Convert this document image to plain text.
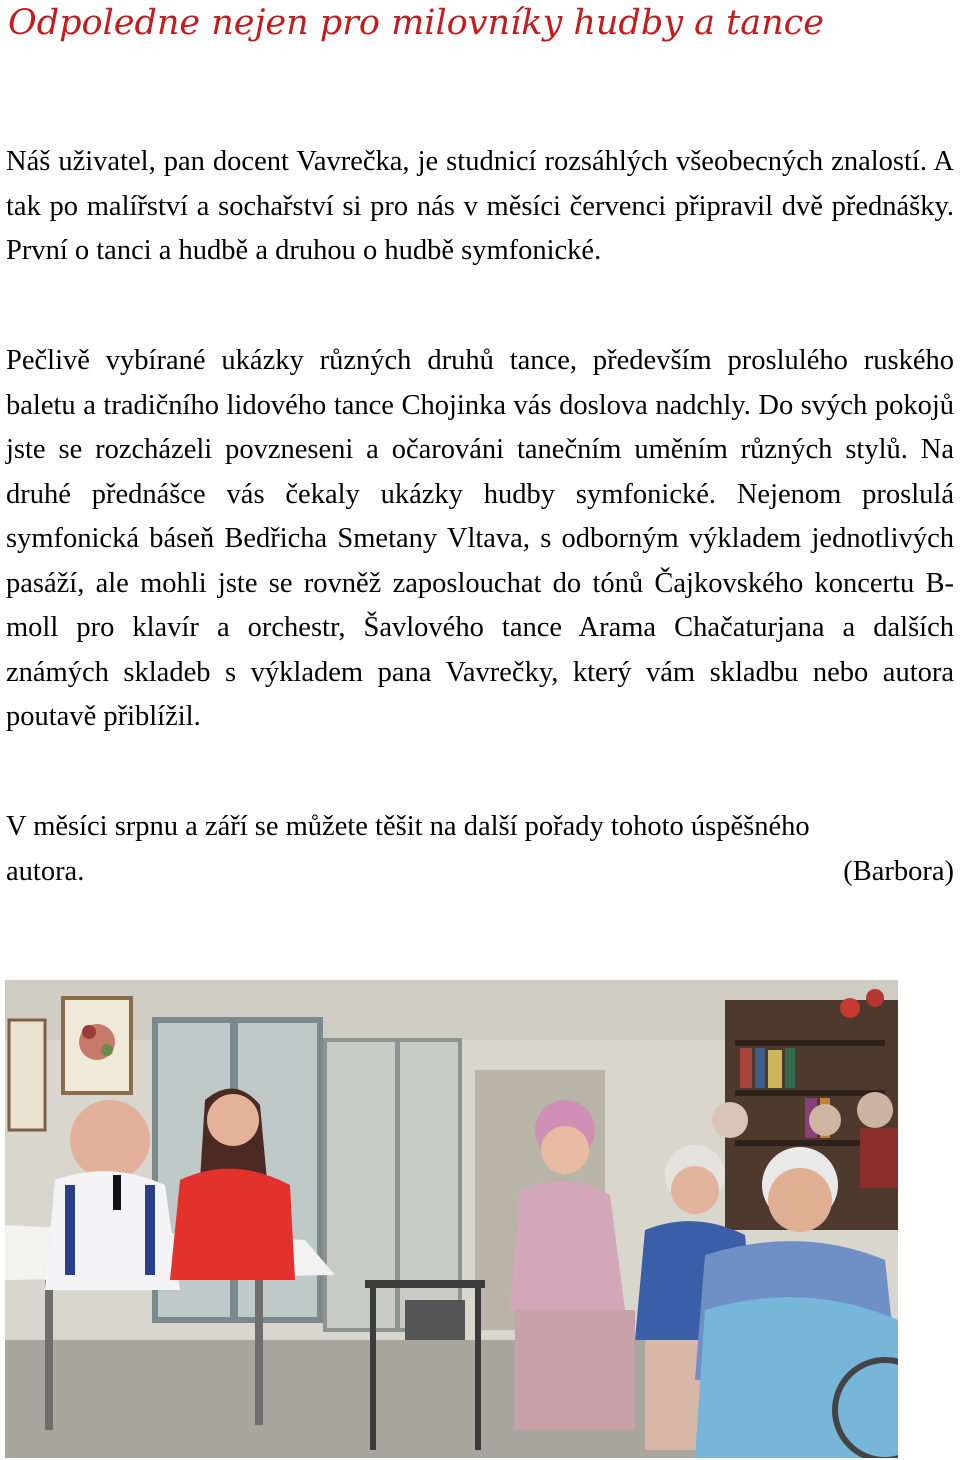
Odpoledne nejen pro milovníky hudby a tance

Náš uživatel, pan docent Vavrečka, je studnicí rozsáhlých všeobecných znalostí. A tak po malířství a sochařství si pro nás v měsíci červenci připravil dvě přednášky. První o tanci a hudbě a druhou o hudbě symfonické.

Pečlivě vybírané ukázky různých druhů tance, především proslulého ruského baletu a tradičního lidového tance Chojinka vás doslova nadchly. Do svých pokojů jste se rozcházeli povzneseni a očarováni tanečním uměním různých stylů. Na druhé přednášce vás čekaly ukázky hudby symfonické. Nejenom proslulá symfonická báseň Bedřicha Smetany Vltava, s odborným výkladem jednotlivých pasáží, ale mohli jste se rovněž zaposlouchat do tónů Čajkovského koncertu B-moll pro klavír a orchestr, Šavlového tance Arama Chačaturjana a dalších známých skladeb s výkladem pana Vavrečky, který vám skladbu nebo autora poutavě přiblížil.

V měsíci srpnu a září se můžete těšit na další pořady tohoto úspěšného
autora.	(Barbora)
